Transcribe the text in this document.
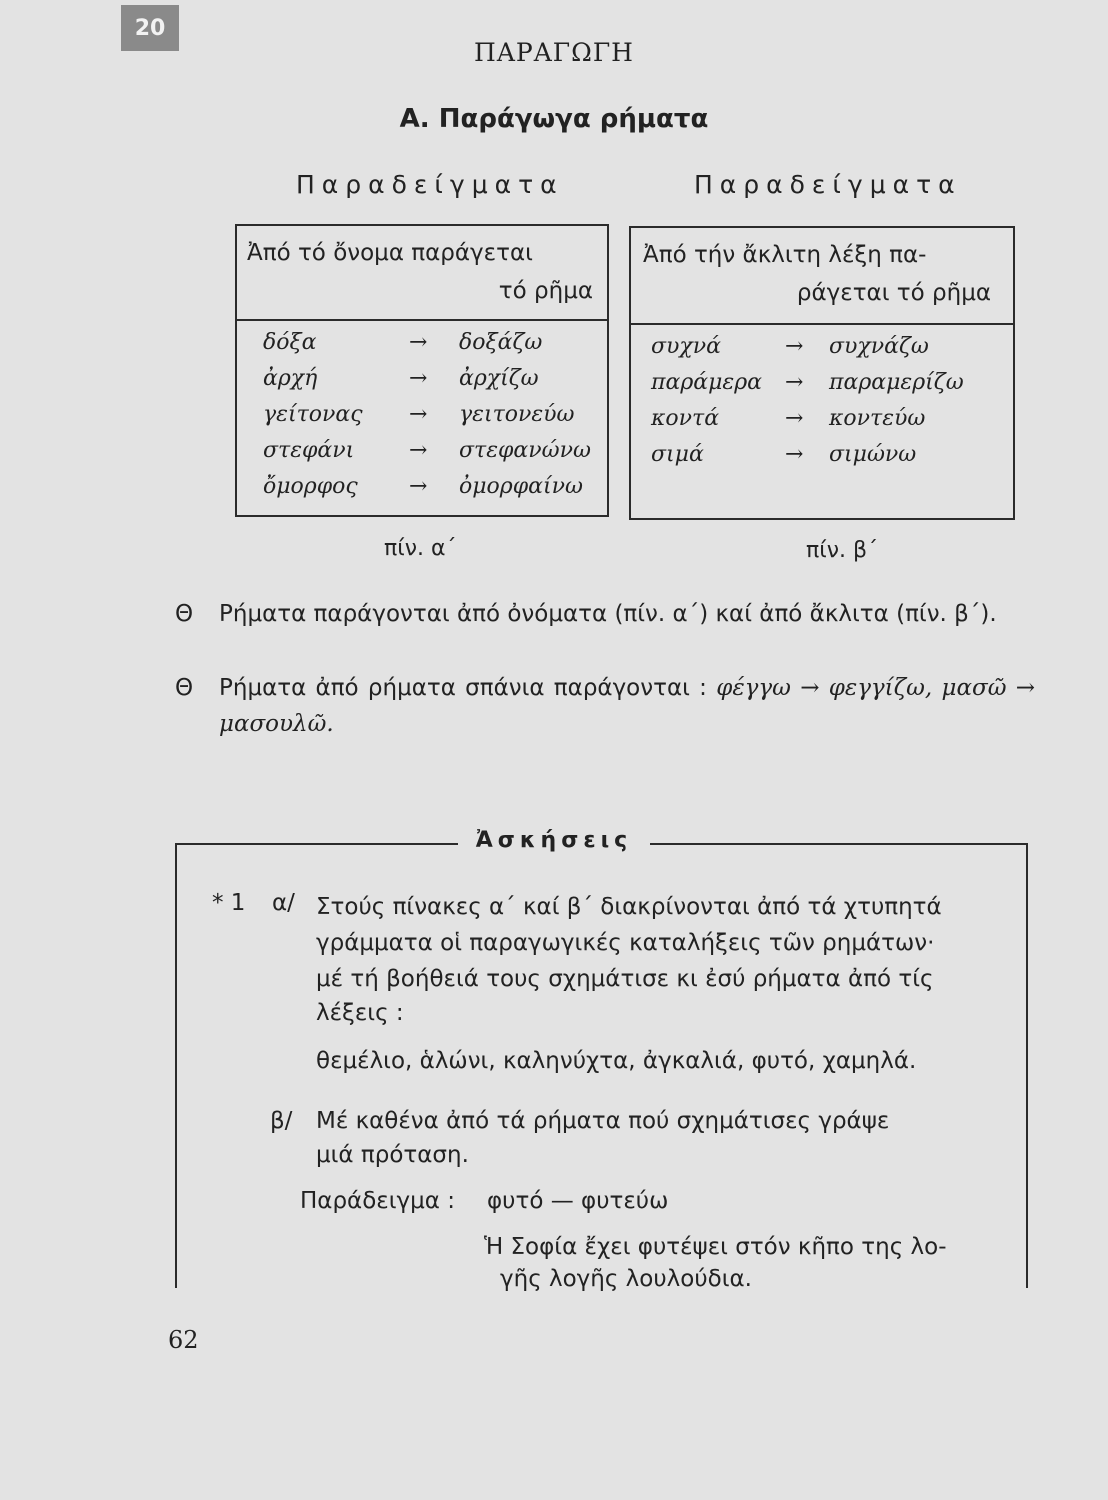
20
ΠΑΡΑΓΩΓΗ
Α. Παράγωγα ρήματα
Παραδείγματα	Παραδείγματα
Ἀπό τό ὄνομα παράγεται
τό ρῆμα
δόξα	→ δοξάζω
ἀρχή	→ ἀρχίζω
γείτονας → γειτονεύω
στεφάνι → στεφανώνω
ὄμορφος → ὀμορφαίνω
πίν. α΄
Ἀπό τήν ἄκλιτη λέξη πα-
ράγεται τό ρῆμα
συχνά	→ συχνάζω
παράμερα → παραμερίζω
κοντά	→ κοντεύω
σιμά	→ σιμώνω
πίν. β΄
Θ Ρήματα παράγονται ἀπό ὀνόματα (πίν. α΄) καί ἀπό ἄκλιτα (πίν. β΄).
Θ Ρήματα ἀπό ρήματα σπάνια παράγονται : φέγγω → φεγγίζω, μασῶ → μασουλῶ.
Ἀσκήσεις
* 1 α/ Στούς πίνακες α΄ καί β΄ διακρίνονται ἀπό τά χτυπητά
γράμματα οἱ παραγωγικές καταλήξεις τῶν ρημάτων·
μέ τή βοήθειά τους σχημάτισε κι ἐσύ ρήματα ἀπό τίς
λέξεις :
θεμέλιο, ἁλώνι, καληνύχτα, ἀγκαλιά, φυτό, χαμηλά.
β/ Μέ καθένα ἀπό τά ρήματα πού σχημάτισες γράψε
μιά πρόταση.
Παράδειγμα : φυτό — φυτεύω
Ἡ Σοφία ἔχει φυτέψει στόν κῆπο της λο-
γῆς λογῆς λουλούδια.
62
